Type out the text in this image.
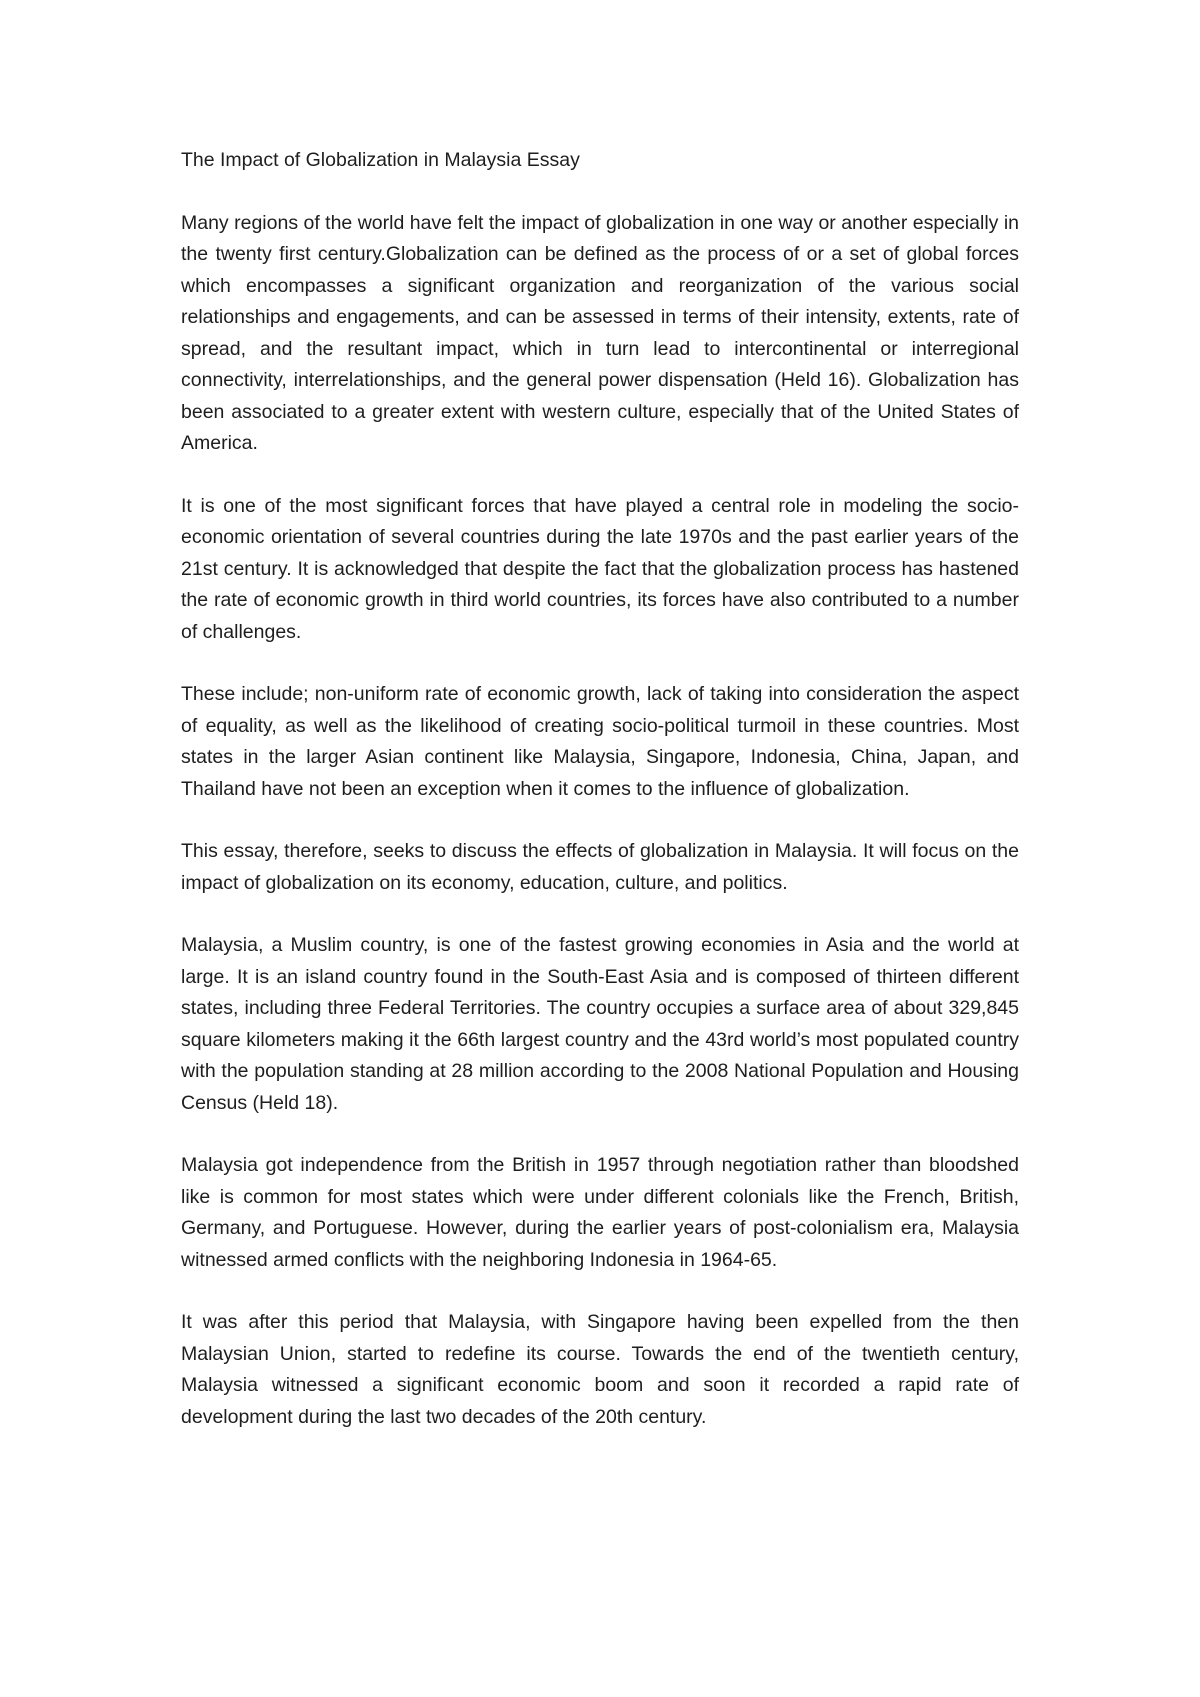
The Impact of Globalization in Malaysia Essay

Many regions of the world have felt the impact of globalization in one way or another especially in the twenty first century.Globalization can be defined as the process of or a set of global forces which encompasses a significant organization and reorganization of the various social relationships and engagements, and can be assessed in terms of their intensity, extents, rate of spread, and the resultant impact, which in turn lead to intercontinental or interregional connectivity, interrelationships, and the general power dispensation (Held 16). Globalization has been associated to a greater extent with western culture, especially that of the United States of America.

It is one of the most significant forces that have played a central role in modeling the socio-economic orientation of several countries during the late 1970s and the past earlier years of the 21st century. It is acknowledged that despite the fact that the globalization process has hastened the rate of economic growth in third world countries, its forces have also contributed to a number of challenges.

These include; non-uniform rate of economic growth, lack of taking into consideration the aspect of equality, as well as the likelihood of creating socio-political turmoil in these countries. Most states in the larger Asian continent like Malaysia, Singapore, Indonesia, China, Japan, and Thailand have not been an exception when it comes to the influence of globalization.

This essay, therefore, seeks to discuss the effects of globalization in Malaysia. It will focus on the impact of globalization on its economy, education, culture, and politics.

Malaysia, a Muslim country, is one of the fastest growing economies in Asia and the world at large. It is an island country found in the South-East Asia and is composed of thirteen different states, including three Federal Territories. The country occupies a surface area of about 329,845 square kilometers making it the 66th largest country and the 43rd world’s most populated country with the population standing at 28 million according to the 2008 National Population and Housing Census (Held 18).

Malaysia got independence from the British in 1957 through negotiation rather than bloodshed like is common for most states which were under different colonials like the French, British, Germany, and Portuguese. However, during the earlier years of post-colonialism era, Malaysia witnessed armed conflicts with the neighboring Indonesia in 1964-65.

It was after this period that Malaysia, with Singapore having been expelled from the then Malaysian Union, started to redefine its course. Towards the end of the twentieth century, Malaysia witnessed a significant economic boom and soon it recorded a rapid rate of development during the last two decades of the 20th century.
